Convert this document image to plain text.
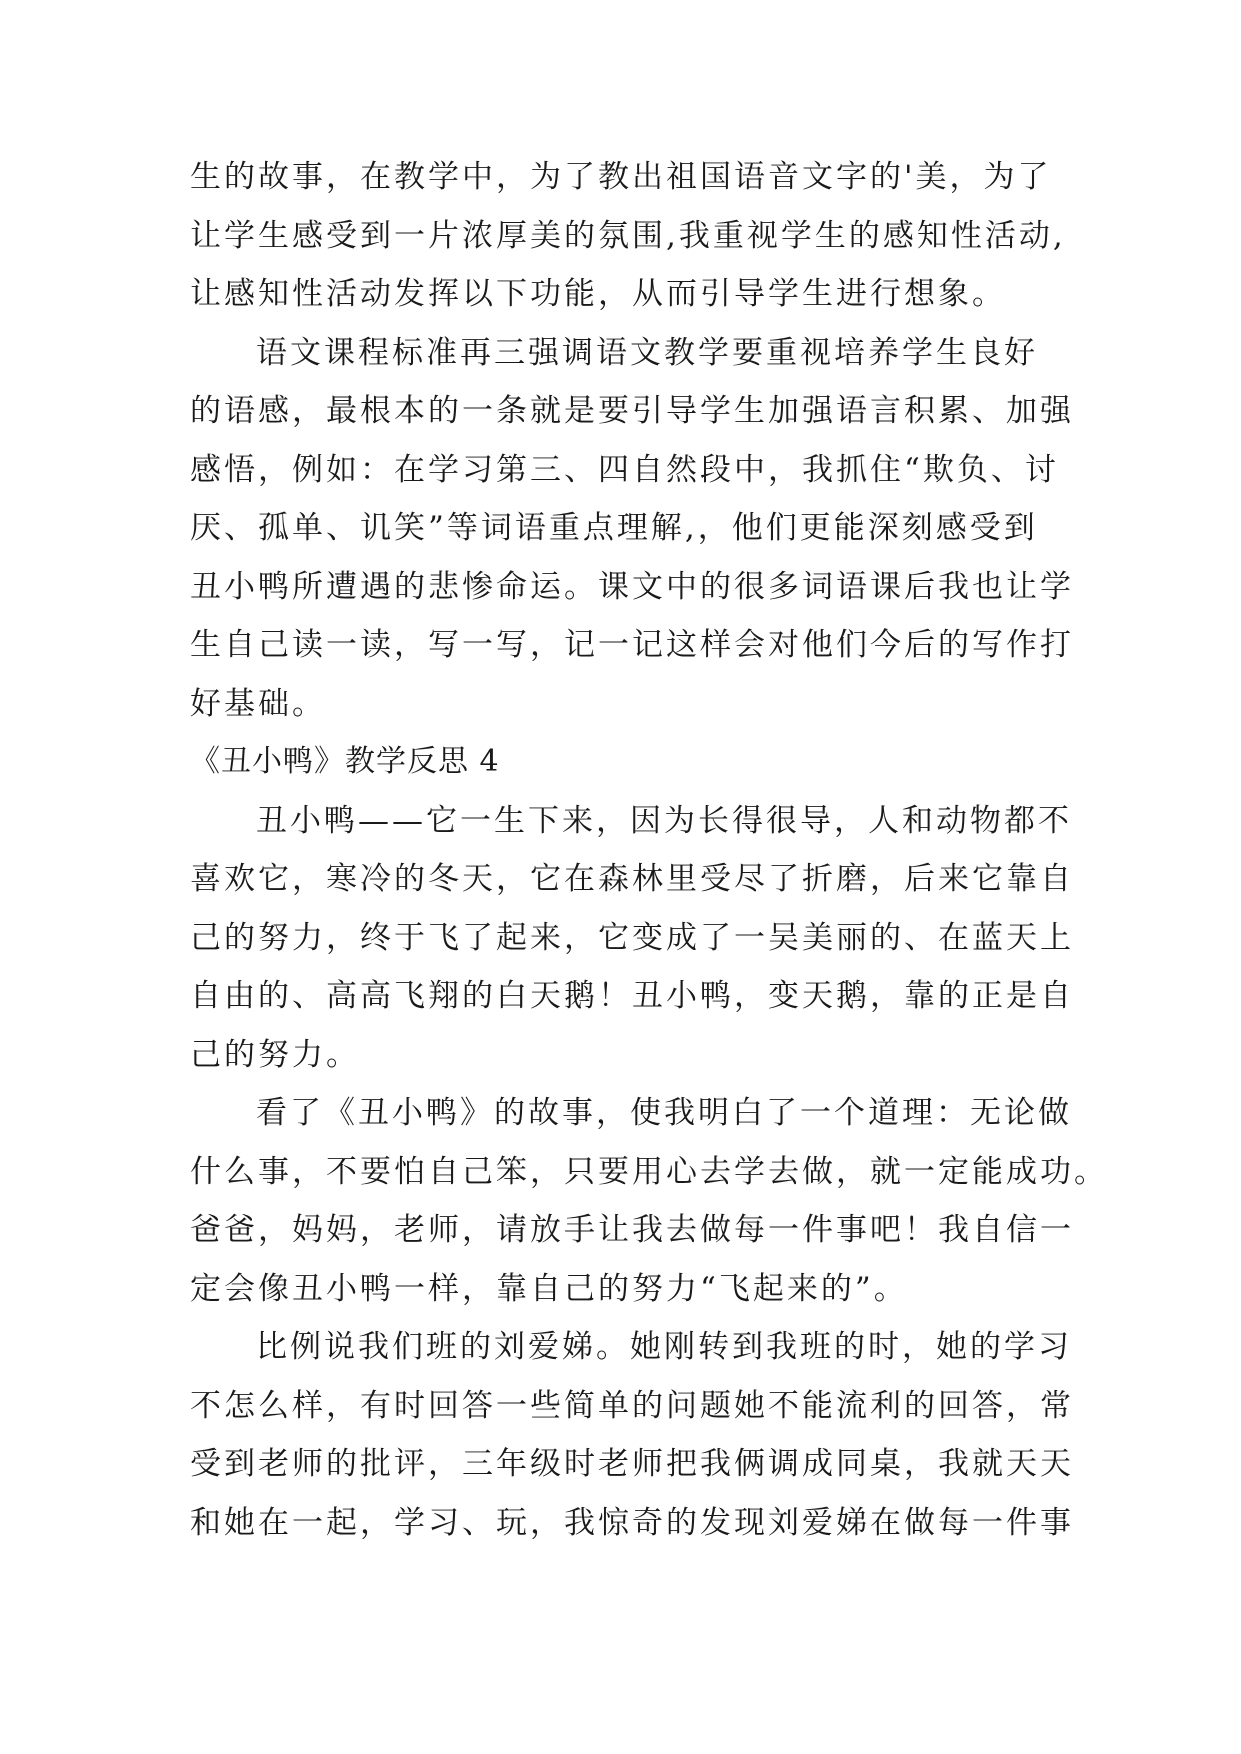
生的故事，在教学中，为了教出祖国语音文字的'美，为了
让学生感受到一片浓厚美的氛围,我重视学生的感知性活动,
让感知性活动发挥以下功能，从而引导学生进行想象。
语文课程标准再三强调语文教学要重视培养学生良好
的语感，最根本的一条就是要引导学生加强语言积累、加强
感悟，例如：在学习第三、四自然段中，我抓住“欺负、讨
厌、孤单、讥笑”等词语重点理解,，他们更能深刻感受到
丑小鸭所遭遇的悲惨命运。课文中的很多词语课后我也让学
生自己读一读，写一写，记一记这样会对他们今后的写作打
好基础。
《丑小鸭》教学反思 4
丑小鸭——它一生下来，因为长得很导，人和动物都不
喜欢它，寒冷的冬天，它在森林里受尽了折磨，后来它靠自
己的努力，终于飞了起来，它变成了一吴美丽的、在蓝天上
自由的、高高飞翔的白天鹅！丑小鸭，变天鹅，靠的正是自
己的努力。
看了《丑小鸭》的故事，使我明白了一个道理：无论做
什么事，不要怕自己笨，只要用心去学去做，就一定能成功。
爸爸，妈妈，老师，请放手让我去做每一件事吧！我自信一
定会像丑小鸭一样，靠自己的努力“飞起来的”。
比例说我们班的刘爱娣。她刚转到我班的时，她的学习
不怎么样，有时回答一些简单的问题她不能流利的回答，常
受到老师的批评，三年级时老师把我俩调成同桌，我就天天
和她在一起，学习、玩，我惊奇的发现刘爱娣在做每一件事
